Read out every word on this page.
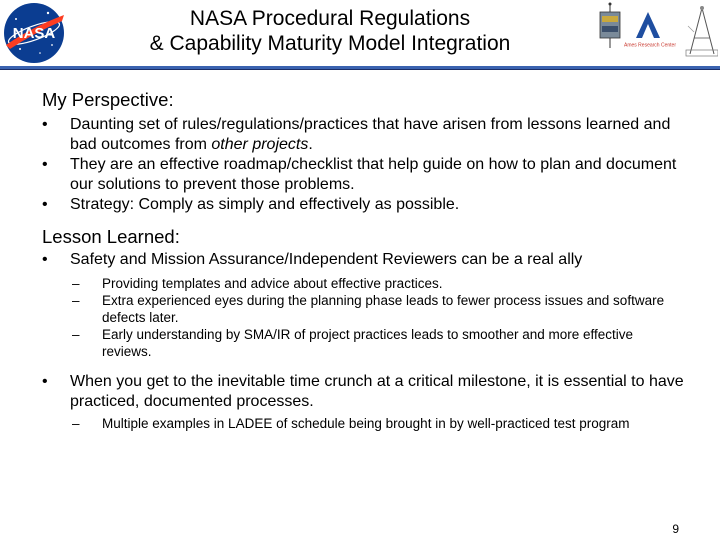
NASA
NASA Procedural Regulations
& Capability Maturity Model Integration	Ames Research Center
My Perspective:
•	Daunting set of rules/regulations/practices that have arisen from lessons learned and bad outcomes from other projects.
•	They are an effective roadmap/checklist that help guide on how to plan and document our solutions to prevent those problems.
•	Strategy: Comply as simply and effectively as possible.
Lesson Learned:
•	Safety and Mission Assurance/Independent Reviewers can be a real ally
–	Providing templates and advice about effective practices.
–	Extra experienced eyes during the planning phase leads to fewer process issues and software defects later.
–	Early understanding by SMA/IR of project practices leads to smoother and more effective reviews.
•	When you get to the inevitable time crunch at a critical milestone, it is essential to have practiced, documented processes.
–	Multiple examples in LADEE of schedule being brought in by well-practiced test program
9
